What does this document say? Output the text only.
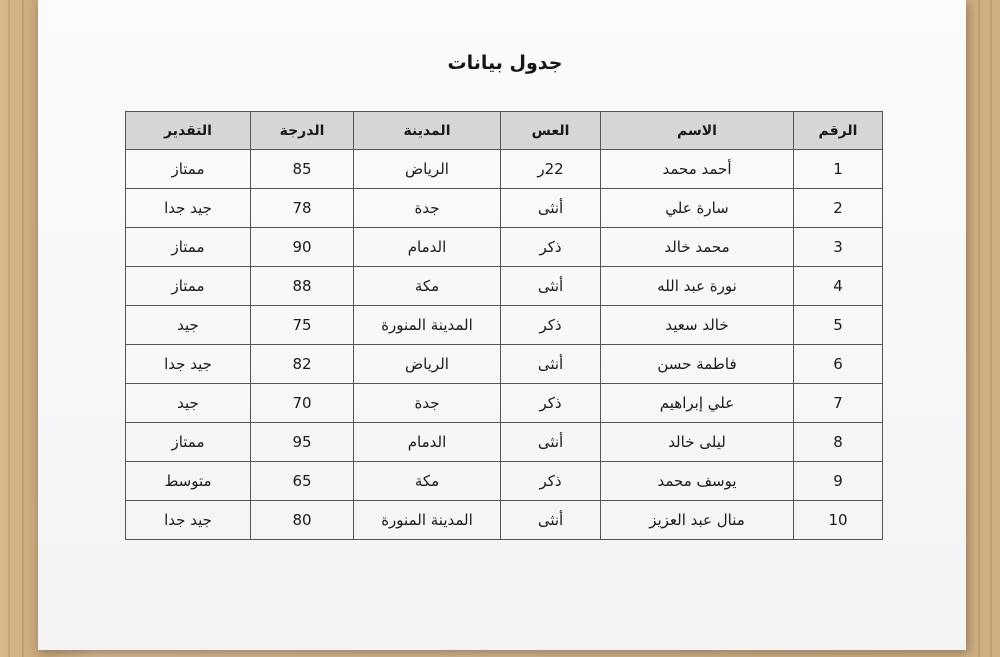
جدول بيانات
الرقم	الاسم	العس	المدينة	الدرجة	التقدير
1	أحمد محمد	22ر	الرياض	85	ممتاز
2	سارة علي	أنثى	جدة	78	جيد جدا
3	محمد خالد	ذكر	الدمام	90	ممتاز
4	نورة عبد الله	أنثى	مكة	88	ممتاز
5	خالد سعيد	ذكر	المدينة المنورة	75	جيد
6	فاطمة حسن	أنثى	الرياض	82	جيد جدا
7	علي إبراهيم	ذكر	جدة	70	جيد
8	ليلى خالد	أنثى	الدمام	95	ممتاز
9	يوسف محمد	ذكر	مكة	65	متوسط
10	منال عبد العزيز	أنثى	المدينة المنورة	80	جيد جدا
